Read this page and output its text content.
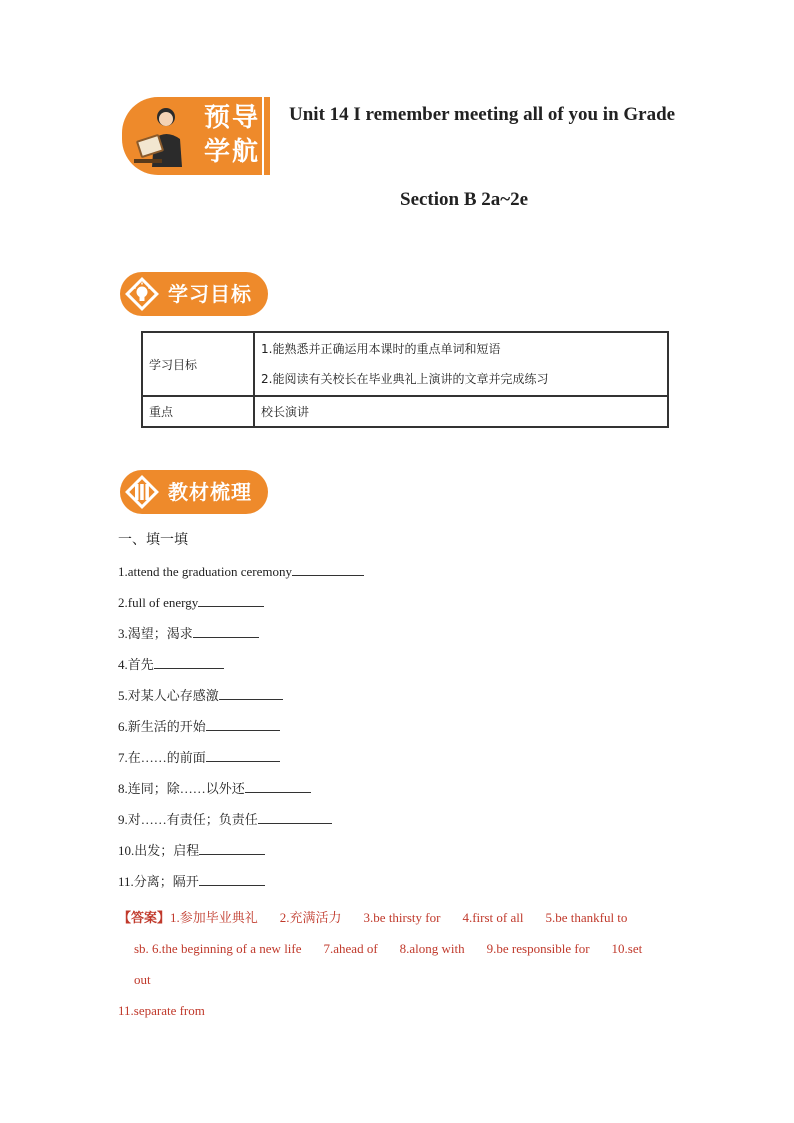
预导
学航
Unit 14 I remember meeting all of you in Grade
Section B 2a~2e
学习目标
学习目标	1.能熟悉并正确运用本课时的重点单词和短语
2.能阅读有关校长在毕业典礼上演讲的文章并完成练习

重点	校长演讲
教材梳理
一、填一填
1.attend the graduation ceremony
2.full of energy
3.渴望；渴求
4.首先
5.对某人心存感激
6.新生活的开始
7.在……的前面
8.连同；除……以外还
9.对……有责任；负责任
10.出发；启程
11.分离；隔开
【答案】1.参加毕业典礼 2.充满活力 3.be thirsty for 4.first of all 5.be thankful to
sb. 6.the beginning of a new life 7.ahead of 8.along with 9.be responsible for 10.set
out
11.separate from
